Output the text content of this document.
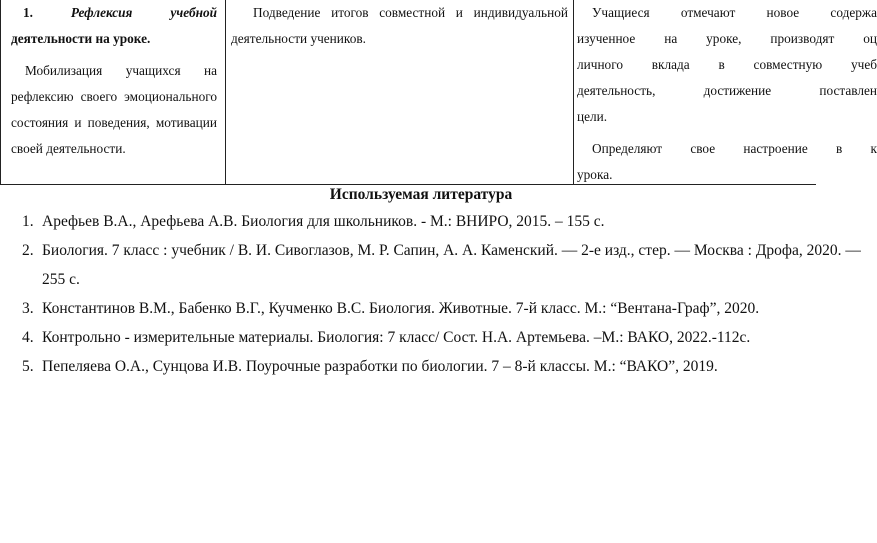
1.	Рефлексия	учебной
деятельности на уроке.
Мобилизация учащихся на
рефлексию своего эмоционального
состояния и поведения, мотивации
своей деятельности.
Подведение итогов совместной и индивидуальной
деятельности учеников.
Учащиеся отмечают новое содержа
изученное на уроке, производят оц
личного вклада в совместную учеб
деятельность, достижение поставлен
цели.
Определяют свое настроение в к
урока.
Используемая литература
1. Арефьев В.А., Арефьева А.В. Биология для школьников. - М.: ВНИРО, 2015. – 155 с.
2. Биология. 7 класс : учебник / В. И. Сивоглазов, М. Р. Сапин, А. А. Каменский. — 2-е изд., стер. — Москва : Дрофа, 2020. — 255 с.
3. Константинов В.М., Бабенко В.Г., Кучменко В.С. Биология. Животные. 7-й класс. М.: “Вентана-Граф”, 2020.
4. Контрольно - измерительные материалы. Биология: 7 класс/ Сост. Н.А. Артемьева. –М.: ВАКО, 2022.-112с.
5. Пепеляева О.А., Сунцова И.В. Поурочные разработки по биологии. 7 – 8-й классы. М.: “ВАКО”, 2019.
